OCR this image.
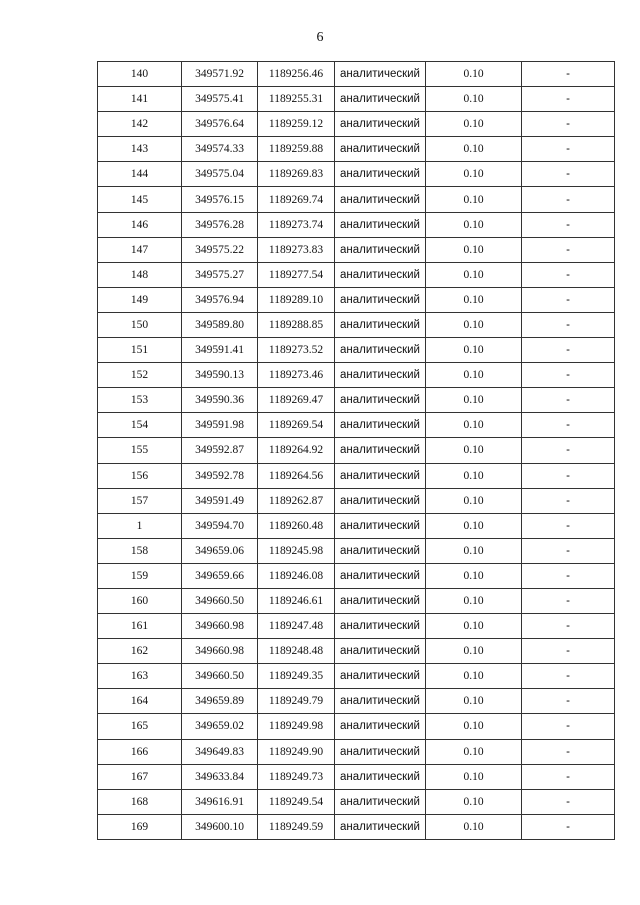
6
140	349571.92	1189256.46	аналитический	0.10	-
141	349575.41	1189255.31	аналитический	0.10	-
142	349576.64	1189259.12	аналитический	0.10	-
143	349574.33	1189259.88	аналитический	0.10	-
144	349575.04	1189269.83	аналитический	0.10	-
145	349576.15	1189269.74	аналитический	0.10	-
146	349576.28	1189273.74	аналитический	0.10	-
147	349575.22	1189273.83	аналитический	0.10	-
148	349575.27	1189277.54	аналитический	0.10	-
149	349576.94	1189289.10	аналитический	0.10	-
150	349589.80	1189288.85	аналитический	0.10	-
151	349591.41	1189273.52	аналитический	0.10	-
152	349590.13	1189273.46	аналитический	0.10	-
153	349590.36	1189269.47	аналитический	0.10	-
154	349591.98	1189269.54	аналитический	0.10	-
155	349592.87	1189264.92	аналитический	0.10	-
156	349592.78	1189264.56	аналитический	0.10	-
157	349591.49	1189262.87	аналитический	0.10	-
1	349594.70	1189260.48	аналитический	0.10	-
158	349659.06	1189245.98	аналитический	0.10	-
159	349659.66	1189246.08	аналитический	0.10	-
160	349660.50	1189246.61	аналитический	0.10	-
161	349660.98	1189247.48	аналитический	0.10	-
162	349660.98	1189248.48	аналитический	0.10	-
163	349660.50	1189249.35	аналитический	0.10	-
164	349659.89	1189249.79	аналитический	0.10	-
165	349659.02	1189249.98	аналитический	0.10	-
166	349649.83	1189249.90	аналитический	0.10	-
167	349633.84	1189249.73	аналитический	0.10	-
168	349616.91	1189249.54	аналитический	0.10	-
169	349600.10	1189249.59	аналитический	0.10	-
